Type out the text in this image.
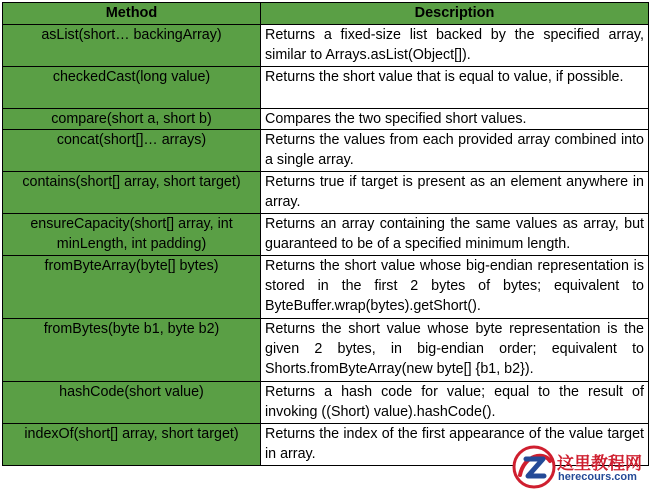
Method	Description
asList(short… backingArray)	Returns a fixed-size list backed by the specified array, similar to Arrays.asList(Object[]).
checkedCast(long value)	Returns the short value that is equal to value, if possible.
compare(short a, short b)	Compares the two specified short values.
concat(short[]… arrays)	Returns the values from each provided array combined into a single array.
contains(short[] array, short target)	Returns true if target is present as an element anywhere in array.
ensureCapacity(short[] array, int minLength, int padding)	Returns an array containing the same values as array, but guaranteed to be of a specified minimum length.
fromByteArray(byte[] bytes)	Returns the short value whose big-endian representation is stored in the first 2 bytes of bytes; equivalent to ByteBuffer.wrap(bytes).getShort().
fromBytes(byte b1, byte b2)	Returns the short value whose byte representation is the given 2 bytes, in big-endian order; equivalent to Shorts.fromByteArray(new byte[] {b1, b2}).
hashCode(short value)	Returns a hash code for value; equal to the result of invoking ((Short) value).hashCode().
indexOf(short[] array, short target)	Returns the index of the first appearance of the value target in array.	这里教程网
herecours.com
